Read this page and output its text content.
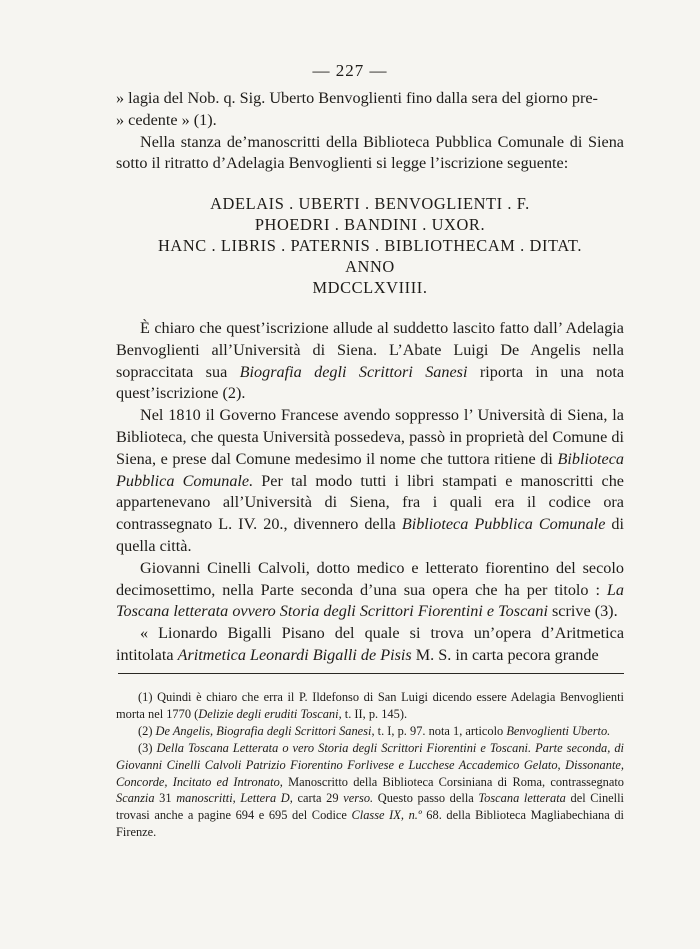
— 227 —

» lagia del Nob. q. Sig. Uberto Benvoglienti fino dalla sera del giorno pre-

» cedente » (1).

Nella stanza de’manoscritti della Biblioteca Pubblica Comunale di Siena sotto il ritratto d’Adelagia Benvoglienti si legge l’iscrizione seguente:

ADELAIS . UBERTI . BENVOGLIENTI . F.
PHOEDRI . BANDINI . UXOR.
HANC . LIBRIS . PATERNIS . BIBLIOTHECAM . DITAT.
ANNO
MDCCLXVIIII.

È chiaro che quest’iscrizione allude al suddetto lascito fatto dall’ Adelagia Benvoglienti all’Università di Siena. L’Abate Luigi De Angelis nella sopraccitata sua Biografia degli Scrittori Sanesi riporta in una nota quest’iscrizione (2).

Nel 1810 il Governo Francese avendo soppresso l’ Università di Siena, la Biblioteca, che questa Università possedeva, passò in proprietà del Comune di Siena, e prese dal Comune medesimo il nome che tuttora ritiene di Biblioteca Pubblica Comunale. Per tal modo tutti i libri stampati e manoscritti che appartenevano all’Università di Siena, fra i quali era il codice ora contrassegnato L. IV. 20., divennero della Biblioteca Pubblica Comunale di quella città.

Giovanni Cinelli Calvoli, dotto medico e letterato fiorentino del secolo decimosettimo, nella Parte seconda d’una sua opera che ha per titolo : La Toscana letterata ovvero Storia degli Scrittori Fiorentini e Toscani scrive (3).

« Lionardo Bigalli Pisano del quale si trova un’opera d’Aritmetica intitolata Aritmetica Leonardi Bigalli de Pisis M. S. in carta pecora grande

(1) Quindi è chiaro che erra il P. Ildefonso di San Luigi dicendo essere Adelagia Benvoglienti morta nel 1770 (Delizie degli eruditi Toscani, t. II, p. 145).

(2) De Angelis, Biografia degli Scrittori Sanesi, t. I, p. 97. nota 1, articolo Benvoglienti Uberto.

(3) Della Toscana Letterata o vero Storia degli Scrittori Fiorentini e Toscani. Parte seconda, di Giovanni Cinelli Calvoli Patrizio Fiorentino Forlivese e Lucchese Accademico Gelato, Dissonante, Concorde, Incitato ed Intronato, Manoscritto della Biblioteca Corsiniana di Roma, contrassegnato Scanzia 31 manoscritti, Lettera D, carta 29 verso. Questo passo della Toscana letterata del Cinelli trovasi anche a pagine 694 e 695 del Codice Classe IX, n.º 68. della Biblioteca Magliabechiana di Firenze.
